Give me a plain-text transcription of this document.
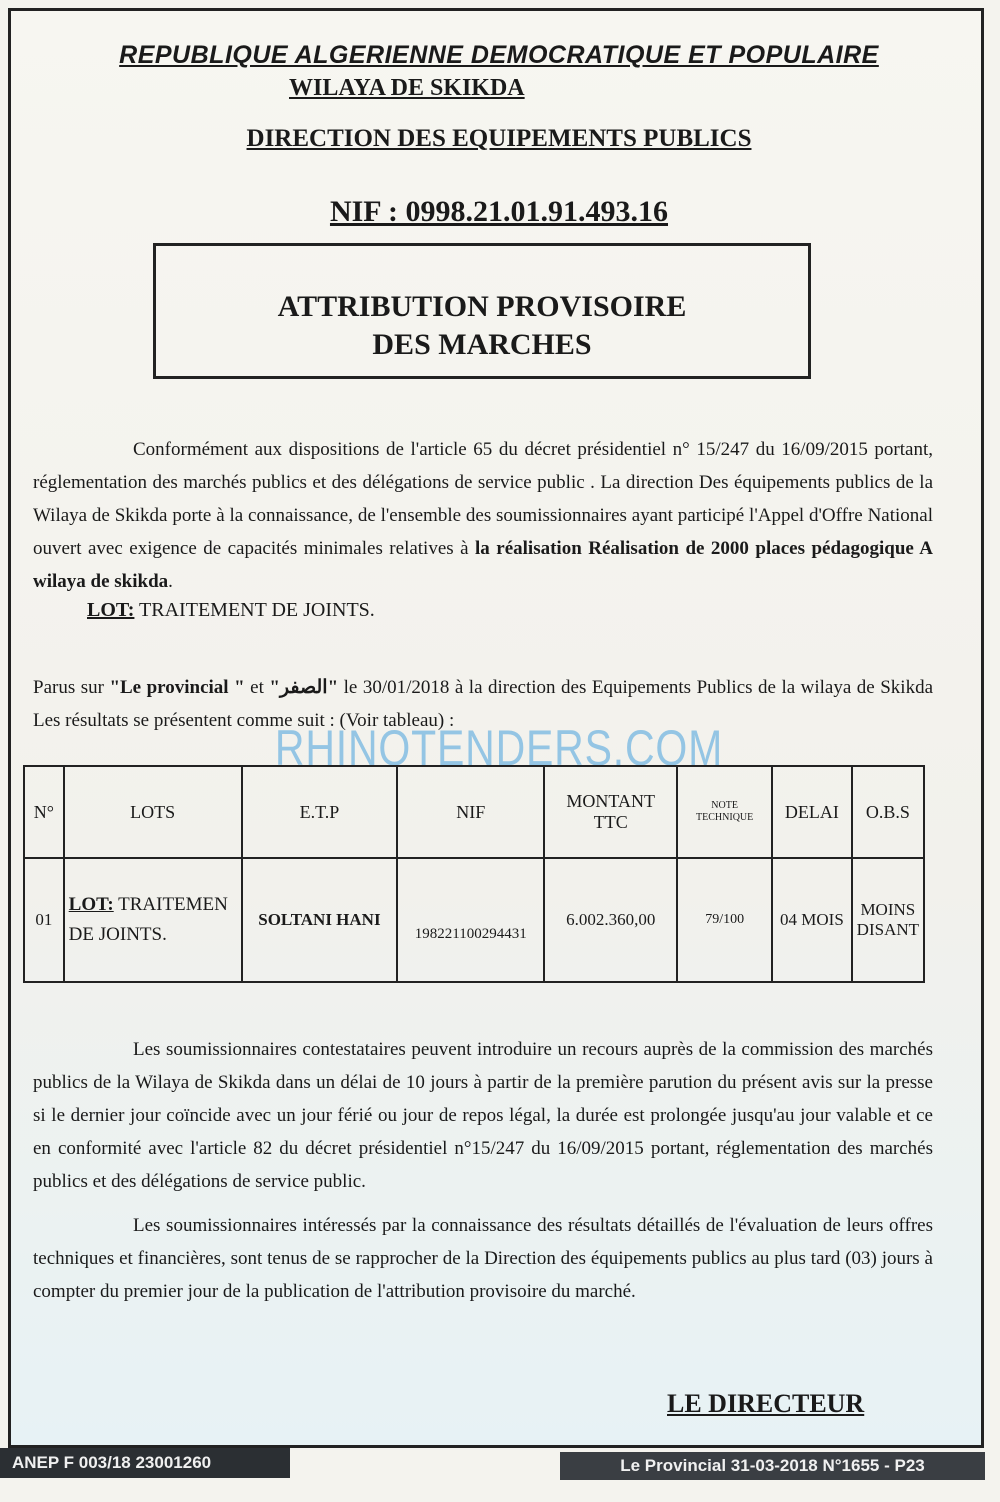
REPUBLIQUE ALGERIENNE DEMOCRATIQUE ET POPULAIRE
WILAYA DE SKIKDA
DIRECTION DES EQUIPEMENTS PUBLICS
NIF : 0998.21.01.91.493.16
ATTRIBUTION PROVISOIRE
DES MARCHES
Conformément aux dispositions de l'article 65 du décret présidentiel n° 15/247 du 16/09/2015 portant, réglementation des marchés publics et des délégations de service public . La direction Des équipements publics de la Wilaya de Skikda porte à la connaissance, de l'ensemble des soumissionnaires ayant participé l'Appel d'Offre National ouvert avec exigence de capacités minimales relatives à la réalisation Réalisation de 2000 places pédagogique A wilaya de skikda.
LOT: TRAITEMENT DE JOINTS.
Parus sur "Le provincial " et "الصفر" le 30/01/2018 à la direction des Equipements Publics de la wilaya de Skikda Les résultats se présentent comme suit : (Voir tableau) :
RHINOTENDERS.COM
N°	LOTS	E.T.P	NIF	MONTANT TTC	NOTE TECHNIQUE	DELAI	O.B.S
01	LOT: TRAITEMEN DE JOINTS.	SOLTANI HANI	198221100294431	6.002.360,00	79/100	04 MOIS	MOINS DISANT
Les soumissionnaires contestataires peuvent introduire un recours auprès de la commission des marchés publics de la Wilaya de Skikda dans un délai de 10 jours à partir de la première parution du présent avis sur la presse si le dernier jour coïncide avec un jour férié ou jour de repos légal, la durée est prolongée jusqu'au jour valable et ce en conformité avec l'article 82 du décret présidentiel n°15/247 du 16/09/2015 portant, réglementation des marchés publics et des délégations de service public.
Les soumissionnaires intéressés par la connaissance des résultats détaillés de l'évaluation de leurs offres techniques et financières, sont tenus de se rapprocher de la Direction des équipements publics au plus tard (03) jours à compter du premier jour de la publication de l'attribution provisoire du marché.
LE DIRECTEUR
ANEP F 003/18 23001260	Le Provincial 31-03-2018 N°1655 - P23
